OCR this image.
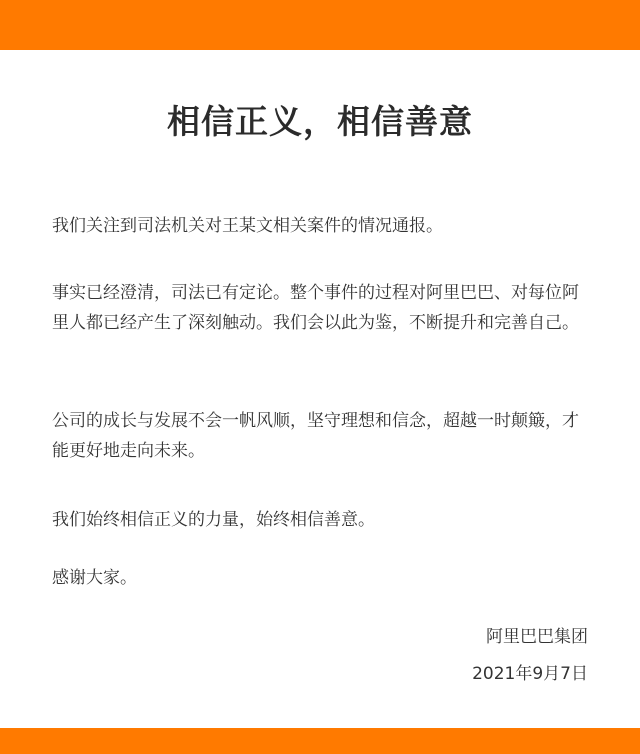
相信正义，相信善意

我们关注到司法机关对王某文相关案件的情况通报。

事实已经澄清，司法已有定论。整个事件的过程对阿里巴巴、对每位阿里人都已经产生了深刻触动。我们会以此为鉴，不断提升和完善自己。

公司的成长与发展不会一帆风顺，坚守理想和信念，超越一时颠簸，才能更好地走向未来。

我们始终相信正义的力量，始终相信善意。

感谢大家。

阿里巴巴集团
2021年9月7日
